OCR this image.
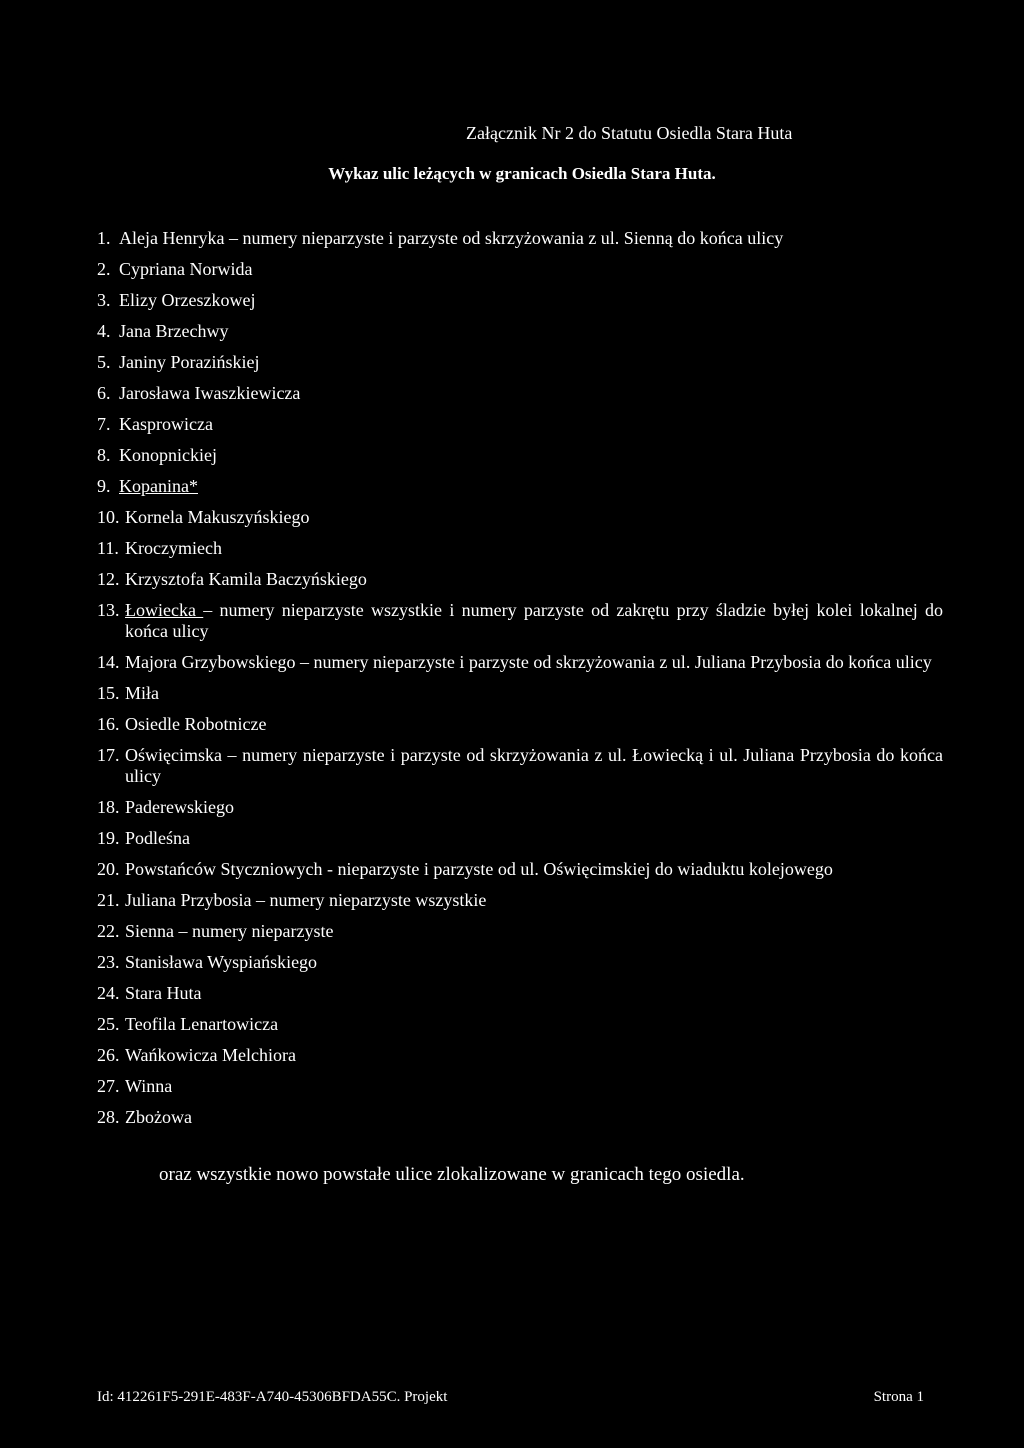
Załącznik Nr 2 do Statutu Osiedla Stara Huta
Wykaz ulic leżących w granicach Osiedla Stara Huta.
1. Aleja Henryka – numery nieparzyste i parzyste od skrzyżowania z ul. Sienną do końca ulicy
2. Cypriana Norwida
3. Elizy Orzeszkowej
4. Jana Brzechwy
5. Janiny Porazińskiej
6. Jarosława Iwaszkiewicza
7. Kasprowicza
8. Konopnickiej
9. Kopanina*
10. Kornela Makuszyńskiego
11. Kroczymiech
12. Krzysztofa Kamila Baczyńskiego
13. Łowiecka – numery nieparzyste wszystkie i numery parzyste od zakrętu przy śladzie byłej kolei lokalnej do końca ulicy
14. Majora Grzybowskiego – numery nieparzyste i parzyste od skrzyżowania z ul. Juliana Przybosia do końca ulicy
15. Miła
16. Osiedle Robotnicze
17. Oświęcimska – numery nieparzyste i parzyste od skrzyżowania z ul. Łowiecką i ul. Juliana Przybosia do końca ulicy
18. Paderewskiego
19. Podleśna
20. Powstańców Styczniowych - nieparzyste i parzyste od ul. Oświęcimskiej do wiaduktu kolejowego
21. Juliana Przybosia – numery nieparzyste wszystkie
22. Sienna – numery nieparzyste
23. Stanisława Wyspiańskiego
24. Stara Huta
25. Teofila Lenartowicza
26. Wańkowicza Melchiora
27. Winna
28. Zbożowa
oraz wszystkie nowo powstałe ulice zlokalizowane w granicach tego osiedla.
Id: 412261F5-291E-483F-A740-45306BFDA55C. Projekt	Strona 1
